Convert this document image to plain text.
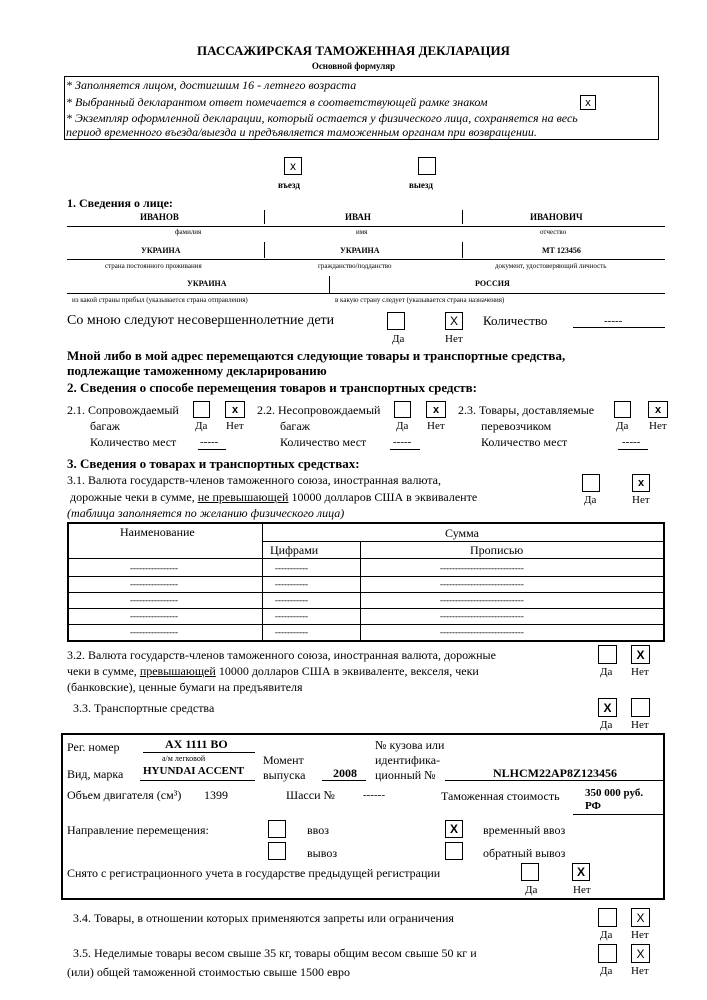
ПАССАЖИРСКАЯ ТАМОЖЕННАЯ ДЕКЛАРАЦИЯ
Основной формуляр
* Заполняется лицом, достигшим 16 - летнего возраста
* Выбранный декларантом ответ помечается в соответствующей рамке знаком	x
* Экземпляр оформленной декларации, который остается у физического лица, сохраняется на весь
период временного въезда/выезда и предъявляется таможенным органам при возвращении.
x
въезд	выезд
1. Сведения о лице:
ИВАНОВ	ИВАН	ИВАНОВИЧ
фамилия	имя	отчество
УКРАИНА	УКРАИНА	МТ 123456
страна постоянного проживания	гражданство/подданство	документ, удостоверяющий личность
УКРАИНА	РОССИЯ
из какой страны прибыл (указывается страна отправления)	в какую страну следует (указывается страна назначения)
Со мною следуют несовершеннолетние дети	X
Да	Нет
Количество	-----
Мной либо в мой адрес перемещаются следующие товары и транспортные средства,
подлежащие таможенному декларированию
2. Сведения о способе перемещения товаров и транспортных средств:
2.1. Сопровождаемый
багаж
x
Да Нет
Количество мест -----
2.2. Несопровождаемый
багаж
x
Да Нет
Количество мест -----
2.3. Товары, доставляемые
перевозчиком
x
Да Нет
Количество мест	-----
3. Сведения о товарах и транспортных средствах:
3.1. Валюта государств-членов таможенного союза, иностранная валюта,
дорожные чеки в сумме, не превышающей 10000 долларов США в эквиваленте
(таблица заполняется по желанию физического лица)
x
Да	Нет
Наименование	Сумма
Цифрами	Прописью
----------------	-----------	----------------------------
----------------	-----------	----------------------------
----------------	-----------	----------------------------
----------------	-----------	----------------------------
----------------	-----------	----------------------------
3.2. Валюта государств-членов таможенного союза, иностранная валюта, дорожные
чеки в сумме, превышающей 10000 долларов США в эквиваленте, векселя, чеки
(банковские), ценные бумаги на предъявителя
X
Да Нет
3.3. Транспортные средства	X
Да Нет
Рег. номер	АХ 1111 ВО
Вид, марка
а/м легковой
HYUNDAI ACCENT
Момент
выпуска 2008
№ кузова или
идентифика-
ционный №	NLHCM22AP8Z123456
Объем двигателя (см³) 1399	Шасси №	------	Таможенная стоимость 350 000 руб.
РФ
Направление перемещения:	ввоз
вывоз
X	временный ввоз
обратный вывоз
Снято с регистрационного учета в государстве предыдущей регистрации	X
Да	Нет
3.4. Товары, в отношении которых применяются запреты или ограничения	X
Да Нет
3.5. Неделимые товары весом свыше 35 кг, товары общим весом свыше 50 кг и
(или) общей таможенной стоимостью свыше 1500 евро
X
Да Нет
